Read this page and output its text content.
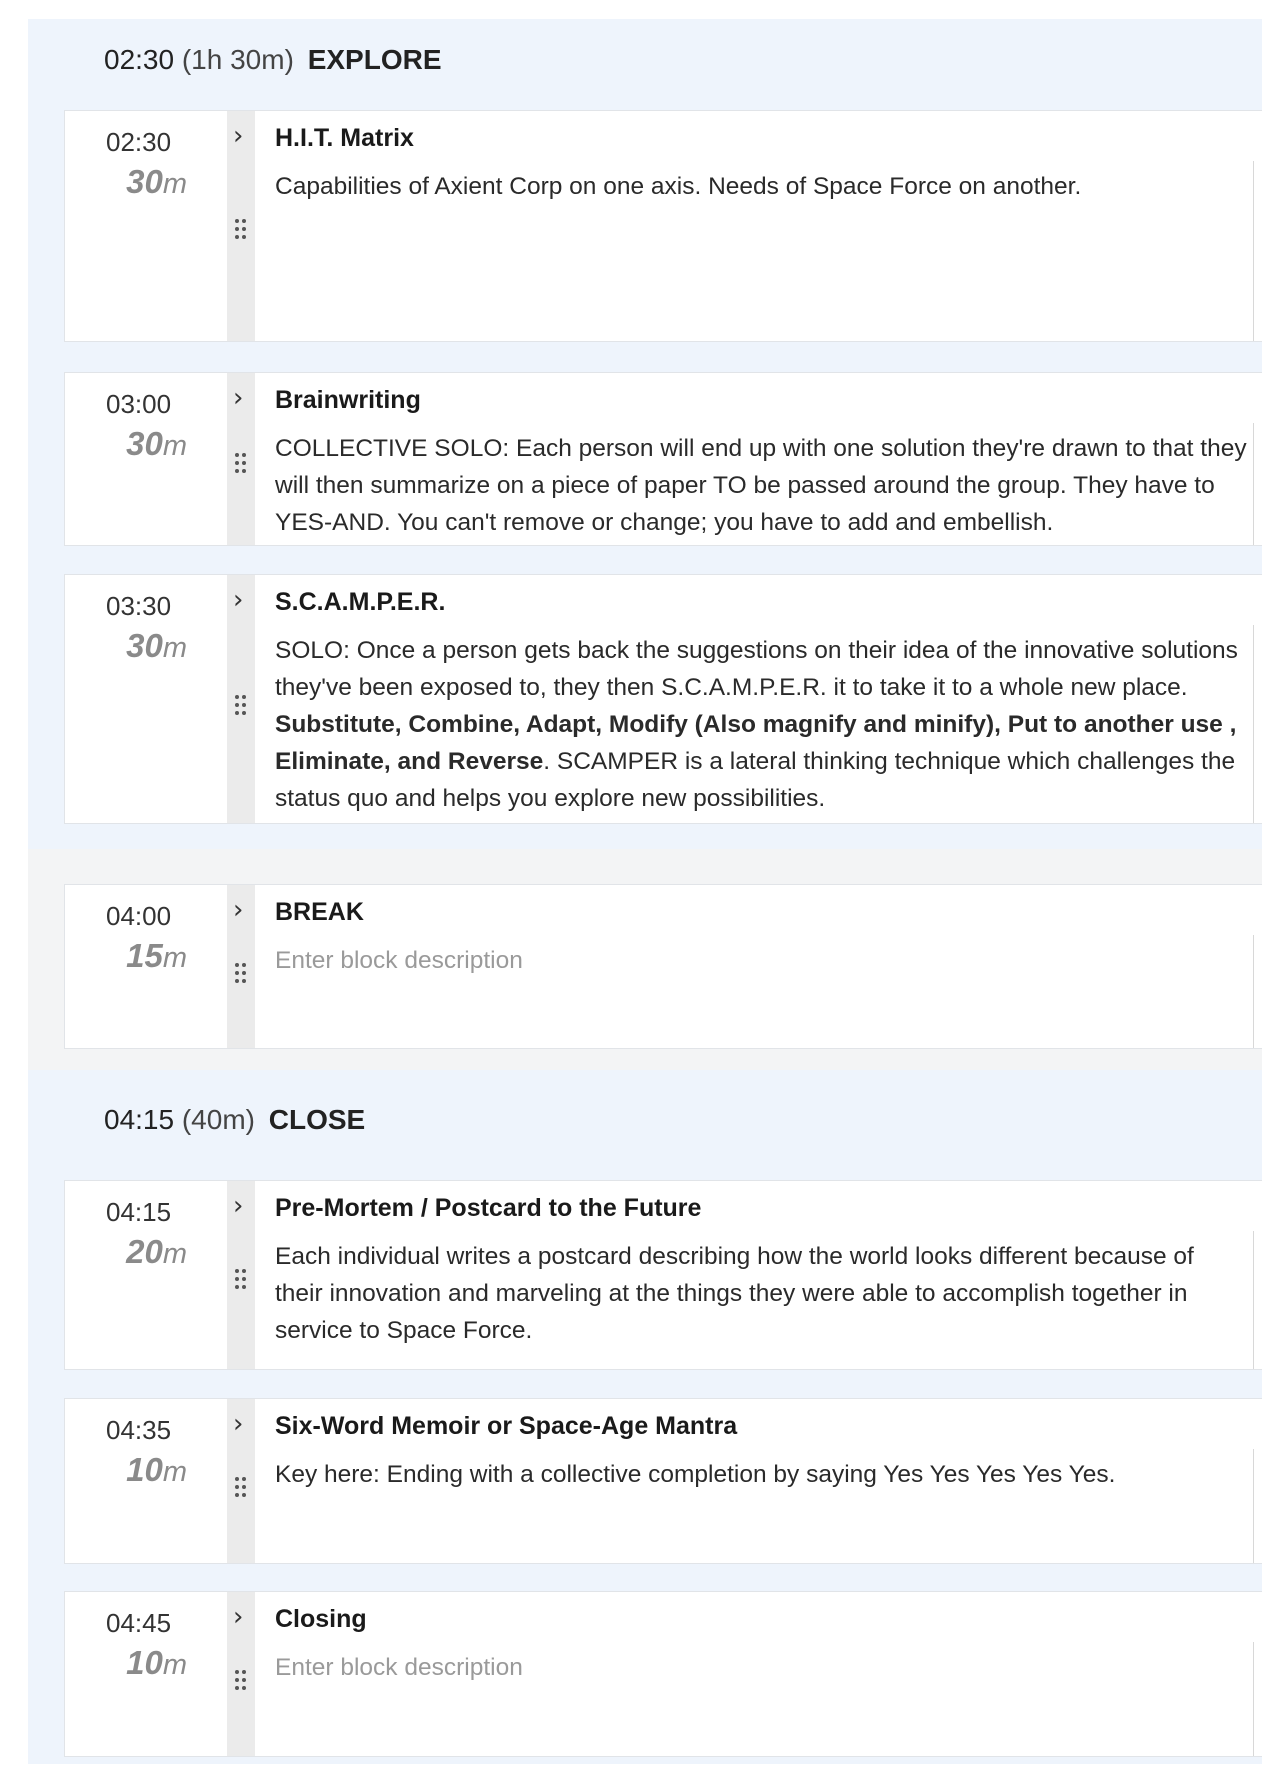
02:30 (1h 30m) EXPLORE
04:15 (40m) CLOSE
02:30
30m
› H.I.T. Matrix
Capabilities of Axient Corp on one axis. Needs of Space Force on another.
03:00
30m
› Brainwriting
COLLECTIVE SOLO: Each person will end up with one solution they're drawn to that they will then summarize on a piece of paper TO be passed around the group. They have to YES-AND. You can't remove or change; you have to add and embellish.
03:30
30m
› S.C.A.M.P.E.R.
SOLO: Once a person gets back the suggestions on their idea of the innovative solutions they've been exposed to, they then S.C.A.M.P.E.R. it to take it to a whole new place. Substitute, Combine, Adapt, Modify (Also magnify and minify), Put to another use , Eliminate, and Reverse. SCAMPER is a lateral thinking technique which challenges the status quo and helps you explore new possibilities.
04:00
15m
› BREAK
Enter block description
04:15
20m
› Pre-Mortem / Postcard to the Future
Each individual writes a postcard describing how the world looks different because of their innovation and marveling at the things they were able to accomplish together in service to Space Force.
04:35
10m
› Six-Word Memoir or Space-Age Mantra
Key here: Ending with a collective completion by saying Yes Yes Yes Yes Yes.
04:45
10m
› Closing
Enter block description
